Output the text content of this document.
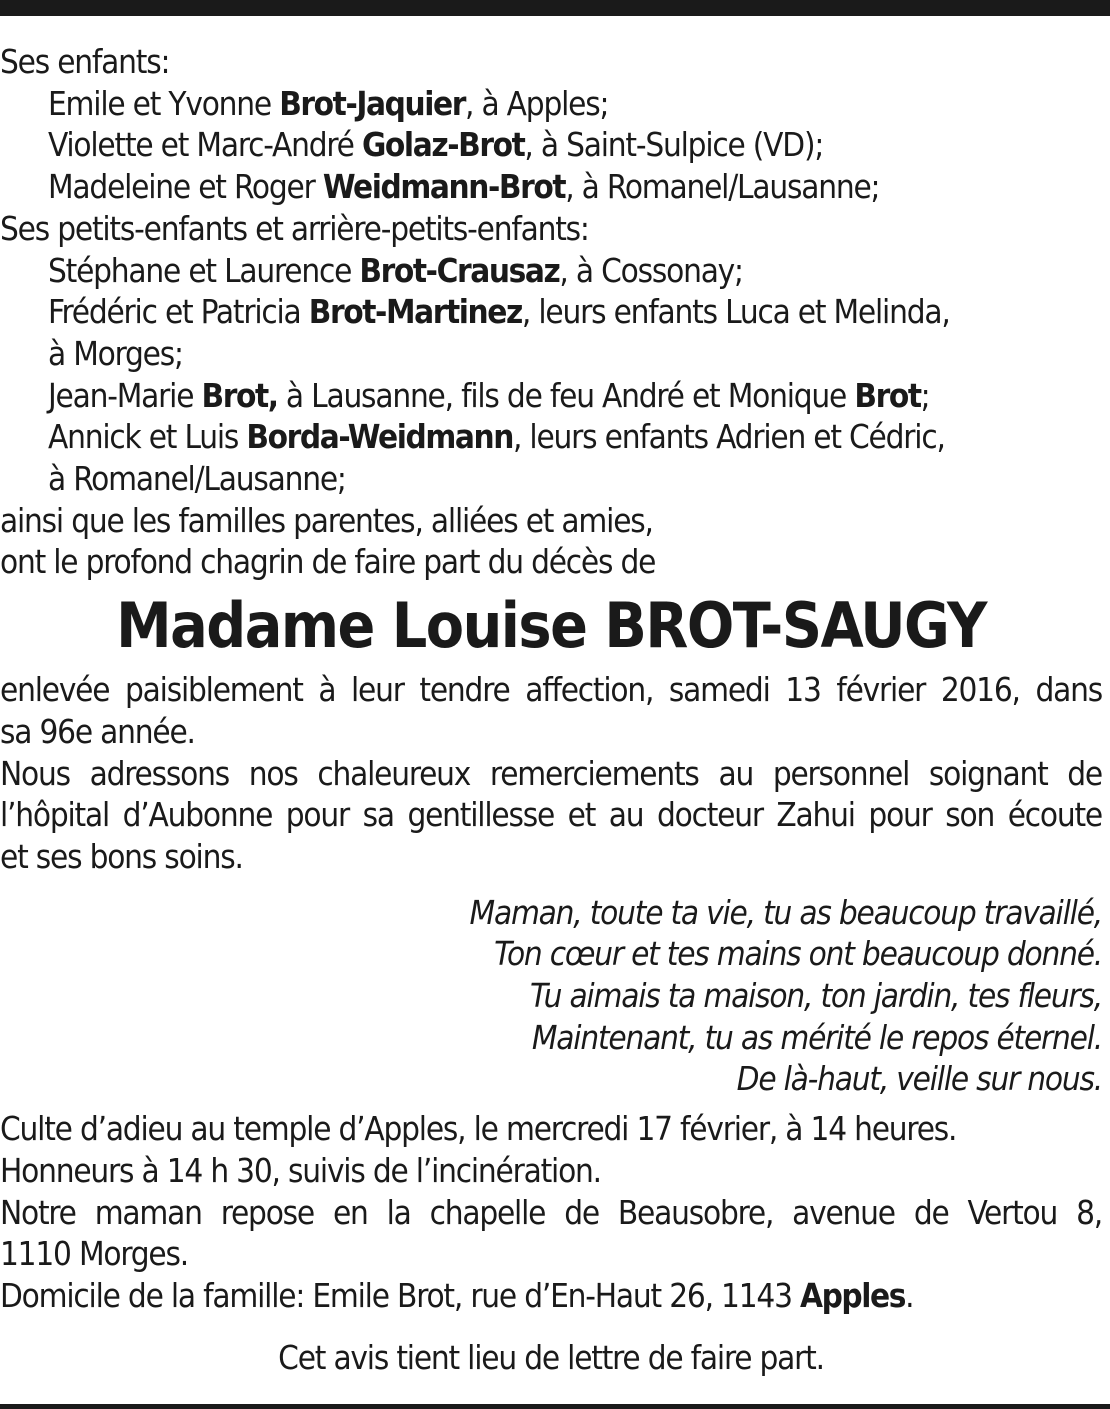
Ses enfants:
Emile et Yvonne Brot-Jaquier, à Apples;
Violette et Marc-André Golaz-Brot, à Saint-Sulpice (VD);
Madeleine et Roger Weidmann-Brot, à Romanel/Lausanne;
Ses petits-enfants et arrière-petits-enfants:
Stéphane et Laurence Brot-Crausaz, à Cossonay;
Frédéric et Patricia Brot-Martinez, leurs enfants Luca et Melinda,
à Morges;
Jean-Marie Brot, à Lausanne, fils de feu André et Monique Brot;
Annick et Luis Borda-Weidmann, leurs enfants Adrien et Cédric,
à Romanel/Lausanne;
ainsi que les familles parentes, alliées et amies,
ont le profond chagrin de faire part du décès de
Madame Louise BROT-SAUGY
enlevée paisiblement à leur tendre affection, samedi 13 février 2016, dans
sa 96e année.
Nous adressons nos chaleureux remerciements au personnel soignant de
l’hôpital d’Aubonne pour sa gentillesse et au docteur Zahui pour son écoute
et ses bons soins.
Maman, toute ta vie, tu as beaucoup travaillé,
Ton cœur et tes mains ont beaucoup donné.
Tu aimais ta maison, ton jardin, tes fleurs,
Maintenant, tu as mérité le repos éternel.
De là-haut, veille sur nous.
Culte d’adieu au temple d’Apples, le mercredi 17 février, à 14 heures.
Honneurs à 14 h 30, suivis de l’incinération.
Notre maman repose en la chapelle de Beausobre, avenue de Vertou 8,
1110 Morges.
Domicile de la famille: Emile Brot, rue d’En-Haut 26, 1143 Apples.
Cet avis tient lieu de lettre de faire part.
